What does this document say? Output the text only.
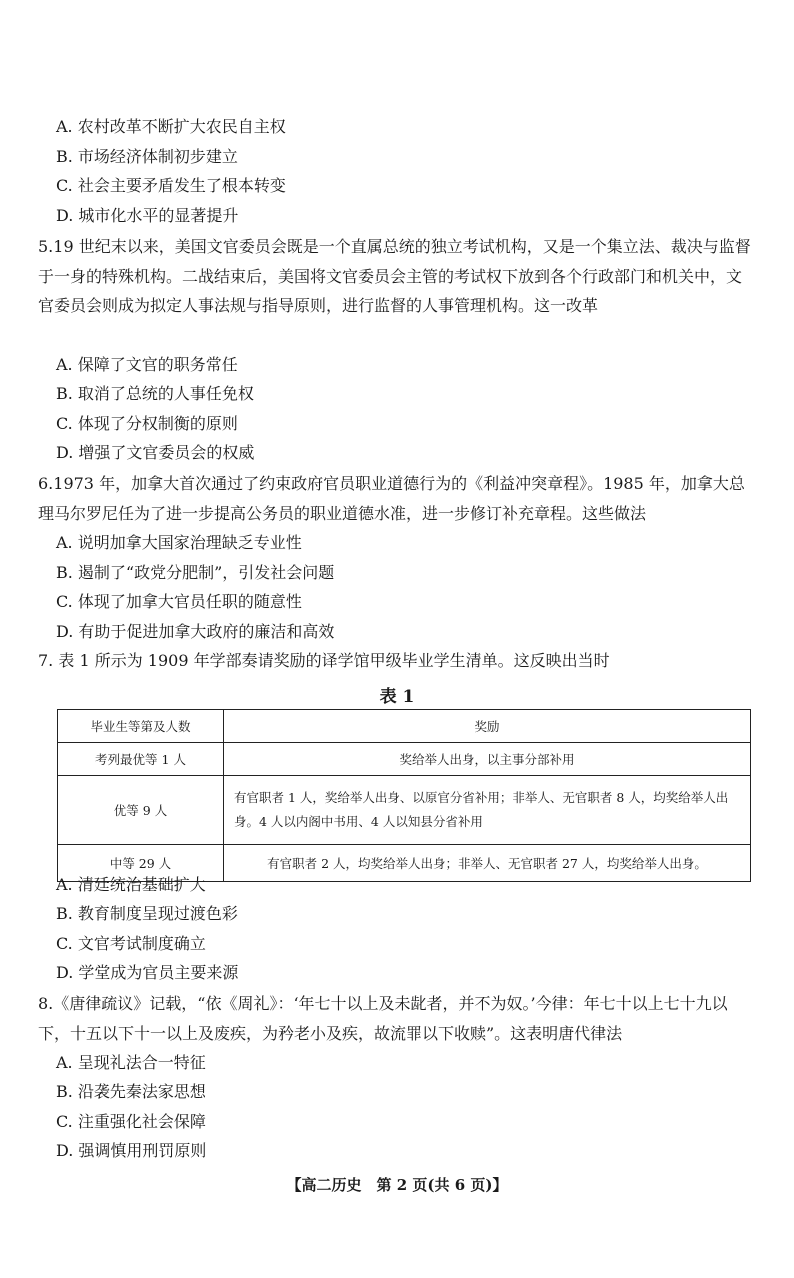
A. 农村改革不断扩大农民自主权
B. 市场经济体制初步建立
C. 社会主要矛盾发生了根本转变
D. 城市化水平的显著提升
5.19 世纪末以来，美国文官委员会既是一个直属总统的独立考试机构，又是一个集立法、裁决与监督于一身的特殊机构。二战结束后，美国将文官委员会主管的考试权下放到各个行政部门和机关中，文官委员会则成为拟定人事法规与指导原则，进行监督的人事管理机构。这一改革
A. 保障了文官的职务常任
B. 取消了总统的人事任免权
C. 体现了分权制衡的原则
D. 增强了文官委员会的权威
6.1973 年，加拿大首次通过了约束政府官员职业道德行为的《利益冲突章程》。1985 年，加拿大总理马尔罗尼任为了进一步提高公务员的职业道德水准，进一步修订补充章程。这些做法
A. 说明加拿大国家治理缺乏专业性
B. 遏制了“政党分肥制”，引发社会问题
C. 体现了加拿大官员任职的随意性
D. 有助于促进加拿大政府的廉洁和高效
7. 表 1 所示为 1909 年学部奏请奖励的译学馆甲级毕业学生清单。这反映出当时
表 1
毕业生等第及人数	奖励
考列最优等 1 人	奖给举人出身，以主事分部补用
优等 9 人	有官职者 1 人，奖给举人出身、以原官分省补用；非举人、无官职者 8 人，均奖给举人出身。4 人以内阁中书用、4 人以知县分省补用
中等 29 人	有官职者 2 人，均奖给举人出身；非举人、无官职者 27 人，均奖给举人出身。
A. 清廷统治基础扩大
B. 教育制度呈现过渡色彩
C. 文官考试制度确立
D. 学堂成为官员主要来源
8.《唐律疏议》记载，“依《周礼》：‘年七十以上及未龀者，并不为奴。’今律：年七十以上七十九以下，十五以下十一以上及废疾，为矜老小及疾，故流罪以下收赎”。这表明唐代律法
A. 呈现礼法合一特征
B. 沿袭先秦法家思想
C. 注重强化社会保障
D. 强调慎用刑罚原则
【高二历史　第 2 页(共 6 页)】
